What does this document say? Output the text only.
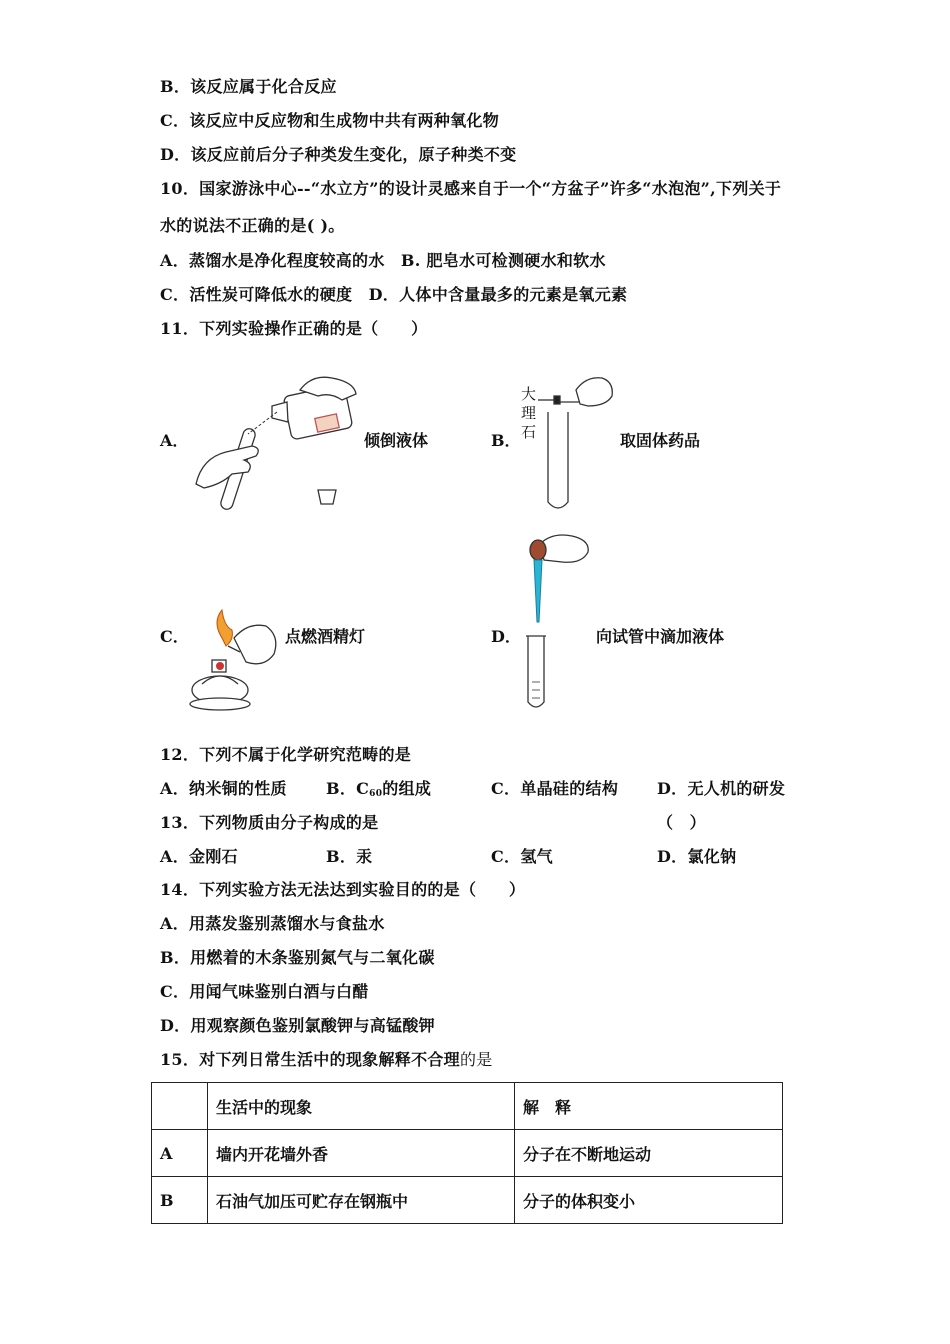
B．该反应属于化合反应
C．该反应中反应物和生成物中共有两种氧化物
D．该反应前后分子种类发生变化，原子种类不变
10．国家游泳中心--“水立方”的设计灵感来自于一个“方盆子”许多“水泡泡”,下列关于
水的说法不正确的是( )。
A．蒸馏水是净化程度较高的水　B. 肥皂水可检测硬水和软水
C．活性炭可降低水的硬度　D．人体中含量最多的元素是氧元素
11．下列实验操作正确的是（　　）
A．	倾倒液体	B．
大
理
石	取固体药品
C．	点燃酒精灯	D．	向试管中滴加液体
12．下列不属于化学研究范畴的是
A．纳米铜的性质 B．$C_{60}$的组成	C．单晶硅的结构 D．无人机的研发
13．下列物质由分子构成的是	（　）
A．金刚石	B．汞	C．氢气	D．氯化钠
14．下列实验方法无法达到实验目的的是（　　）
A．用蒸发鉴别蒸馏水与食盐水
B．用燃着的木条鉴别氮气与二氧化碳
C．用闻气味鉴别白酒与白醋
D．用观察颜色鉴别氯酸钾与高锰酸钾
15．对下列日常生活中的现象解释不合理的是
	生活中的现象	解　释
A	墙内开花墙外香	分子在不断地运动
B	石油气加压可贮存在钢瓶中	分子的体积变小
